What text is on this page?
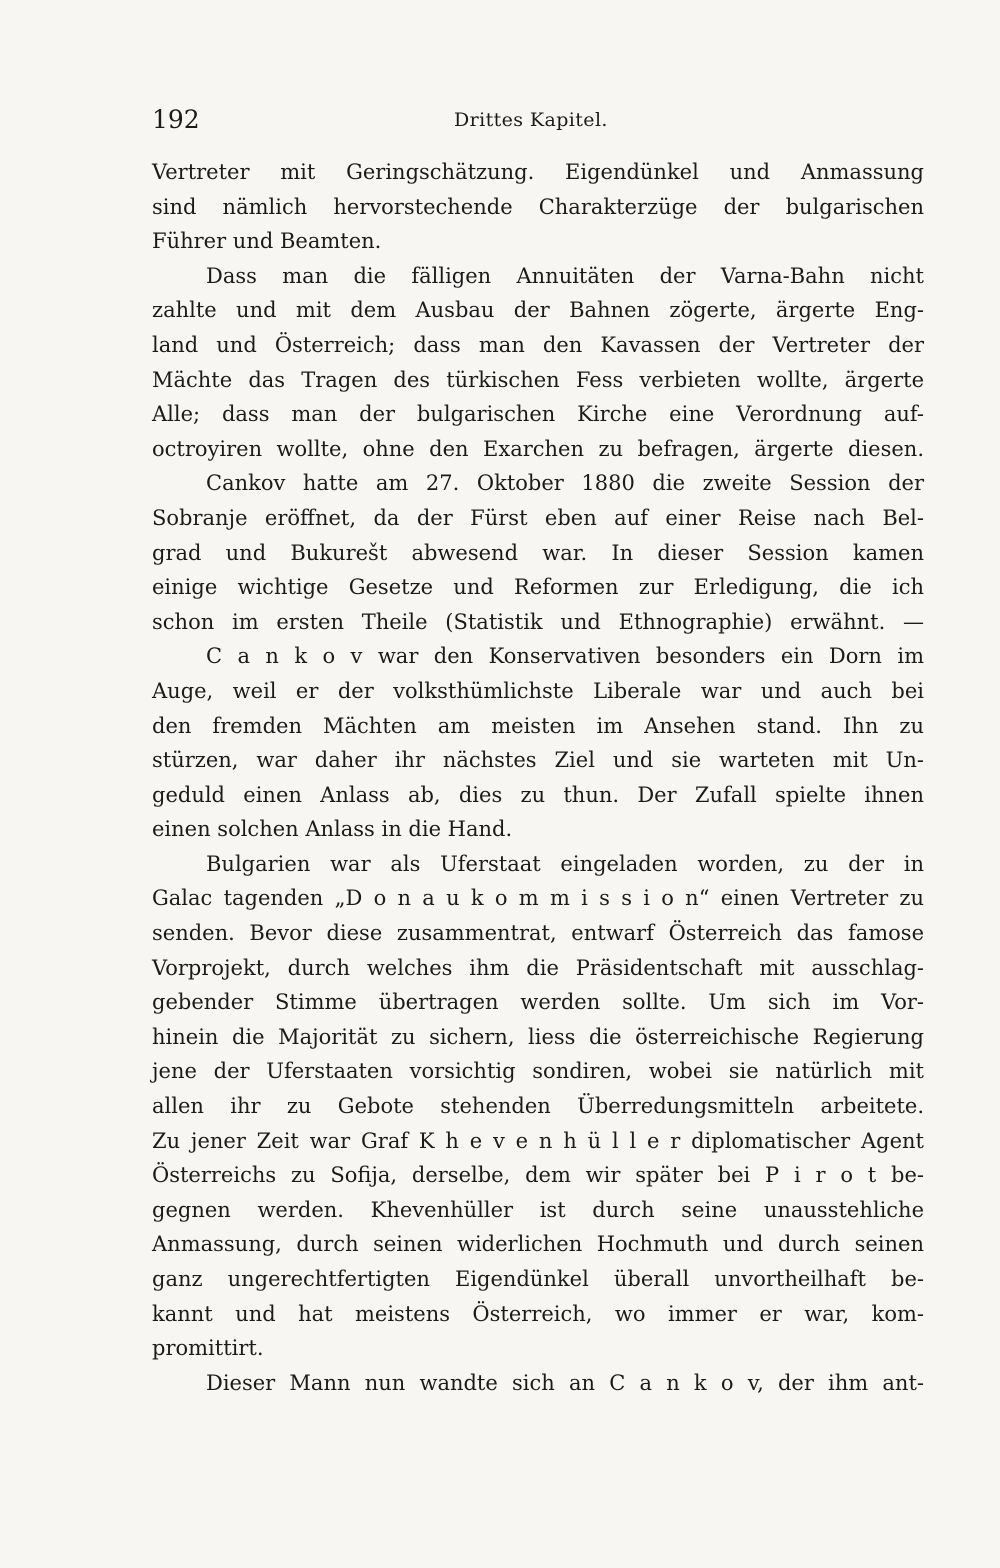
192	Drittes Kapitel.
Vertreter mit Geringschätzung. Eigendünkel und Anmassung
sind nämlich hervorstechende Charakterzüge der bulgarischen
Führer und Beamten.
Dass man die fälligen Annuitäten der Varna-Bahn nicht
zahlte und mit dem Ausbau der Bahnen zögerte, ärgerte Eng-
land und Österreich; dass man den Kavassen der Vertreter der
Mächte das Tragen des türkischen Fess verbieten wollte, ärgerte
Alle; dass man der bulgarischen Kirche eine Verordnung auf-
octroyiren wollte, ohne den Exarchen zu befragen, ärgerte diesen.
Cankov hatte am 27. Oktober 1880 die zweite Session der
Sobranje eröffnet, da der Fürst eben auf einer Reise nach Bel-
grad und Bukurešt abwesend war. In dieser Session kamen
einige wichtige Gesetze und Reformen zur Erledigung, die ich
schon im ersten Theile (Statistik und Ethnographie) erwähnt. —
C a n k o v war den Konservativen besonders ein Dorn im
Auge, weil er der volksthümlichste Liberale war und auch bei
den fremden Mächten am meisten im Ansehen stand. Ihn zu
stürzen, war daher ihr nächstes Ziel und sie warteten mit Un-
geduld einen Anlass ab, dies zu thun. Der Zufall spielte ihnen
einen solchen Anlass in die Hand.
Bulgarien war als Uferstaat eingeladen worden, zu der in
Galac tagenden „D o n a u k o m m i s s i o n“ einen Vertreter zu
senden. Bevor diese zusammentrat, entwarf Österreich das famose
Vorprojekt, durch welches ihm die Präsidentschaft mit ausschlag-
gebender Stimme übertragen werden sollte. Um sich im Vor-
hinein die Majorität zu sichern, liess die österreichische Regierung
jene der Uferstaaten vorsichtig sondiren, wobei sie natürlich mit
allen ihr zu Gebote stehenden Überredungsmitteln arbeitete.
Zu jener Zeit war Graf K h e v e n h ü l l e r diplomatischer Agent
Österreichs zu Sofija, derselbe, dem wir später bei P i r o t be-
gegnen werden. Khevenhüller ist durch seine unausstehliche
Anmassung, durch seinen widerlichen Hochmuth und durch seinen
ganz ungerechtfertigten Eigendünkel überall unvortheilhaft be-
kannt und hat meistens Österreich, wo immer er war, kom-
promittirt.
Dieser Mann nun wandte sich an C a n k o v, der ihm ant-
